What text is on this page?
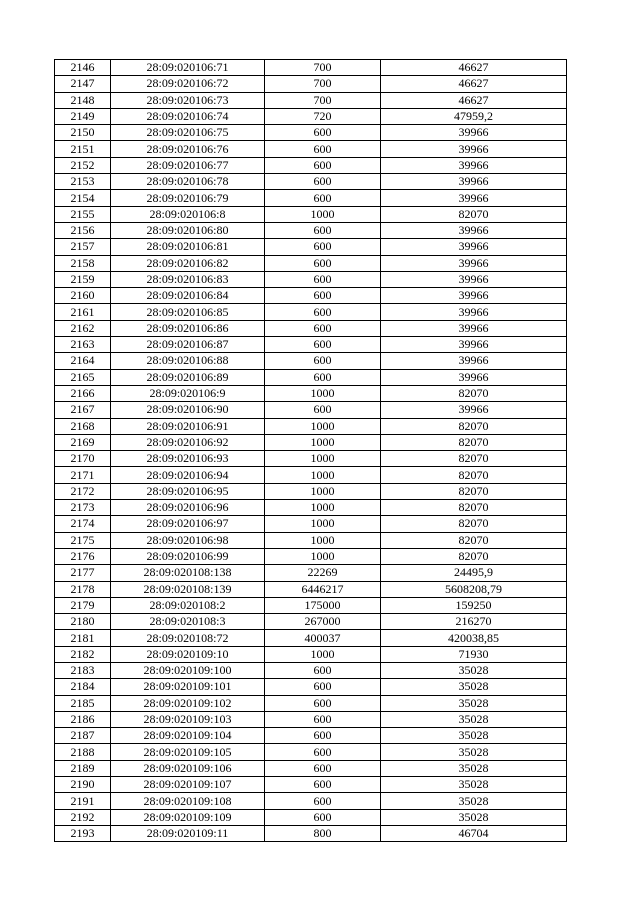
2146	28:09:020106:71	700	46627
2147	28:09:020106:72	700	46627
2148	28:09:020106:73	700	46627
2149	28:09:020106:74	720	47959,2
2150	28:09:020106:75	600	39966
2151	28:09:020106:76	600	39966
2152	28:09:020106:77	600	39966
2153	28:09:020106:78	600	39966
2154	28:09:020106:79	600	39966
2155	28:09:020106:8	1000	82070
2156	28:09:020106:80	600	39966
2157	28:09:020106:81	600	39966
2158	28:09:020106:82	600	39966
2159	28:09:020106:83	600	39966
2160	28:09:020106:84	600	39966
2161	28:09:020106:85	600	39966
2162	28:09:020106:86	600	39966
2163	28:09:020106:87	600	39966
2164	28:09:020106:88	600	39966
2165	28:09:020106:89	600	39966
2166	28:09:020106:9	1000	82070
2167	28:09:020106:90	600	39966
2168	28:09:020106:91	1000	82070
2169	28:09:020106:92	1000	82070
2170	28:09:020106:93	1000	82070
2171	28:09:020106:94	1000	82070
2172	28:09:020106:95	1000	82070
2173	28:09:020106:96	1000	82070
2174	28:09:020106:97	1000	82070
2175	28:09:020106:98	1000	82070
2176	28:09:020106:99	1000	82070
2177	28:09:020108:138	22269	24495,9
2178	28:09:020108:139	6446217	5608208,79
2179	28:09:020108:2	175000	159250
2180	28:09:020108:3	267000	216270
2181	28:09:020108:72	400037	420038,85
2182	28:09:020109:10	1000	71930
2183	28:09:020109:100	600	35028
2184	28:09:020109:101	600	35028
2185	28:09:020109:102	600	35028
2186	28:09:020109:103	600	35028
2187	28:09:020109:104	600	35028
2188	28:09:020109:105	600	35028
2189	28:09:020109:106	600	35028
2190	28:09:020109:107	600	35028
2191	28:09:020109:108	600	35028
2192	28:09:020109:109	600	35028
2193	28:09:020109:11	800	46704
